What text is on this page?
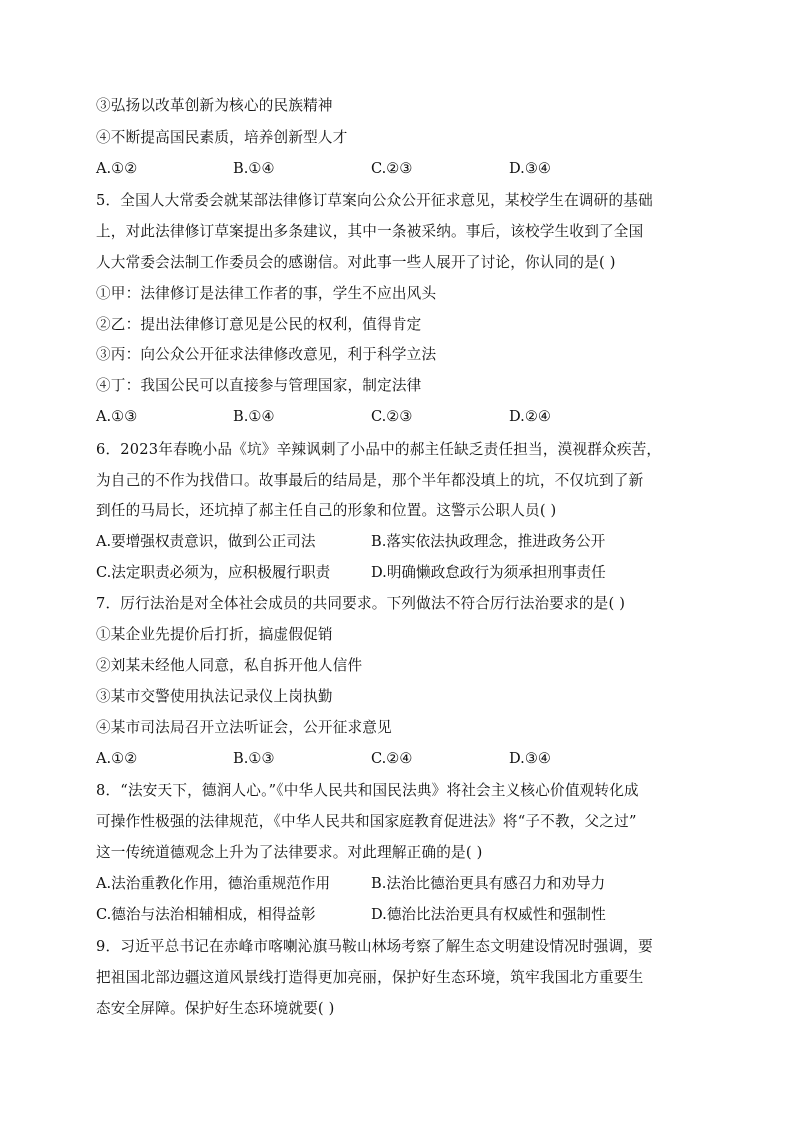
③弘扬以改革创新为核心的民族精神
④不断提高国民素质，培养创新型人才
A.①②	B.①④	C.②③	D.③④
5．全国人大常委会就某部法律修订草案向公众公开征求意见，某校学生在调研的基础
上，对此法律修订草案提出多条建议，其中一条被采纳。事后，该校学生收到了全国
人大常委会法制工作委员会的感谢信。对此事一些人展开了讨论，你认同的是( )
①甲：法律修订是法律工作者的事，学生不应出风头
②乙：提出法律修订意见是公民的权利，值得肯定
③丙：向公众公开征求法律修改意见，利于科学立法
④丁：我国公民可以直接参与管理国家，制定法律
A.①③	B.①④	C.②③	D.②④
6．2023年春晚小品《坑》辛辣讽刺了小品中的郝主任缺乏责任担当，漠视群众疾苦，
为自己的不作为找借口。故事最后的结局是，那个半年都没填上的坑，不仅坑到了新
到任的马局长，还坑掉了郝主任自己的形象和位置。这警示公职人员( )
A.要增强权责意识，做到公正司法	B.落实依法执政理念，推进政务公开
C.法定职责必须为，应积极履行职责	D.明确懒政怠政行为须承担刑事责任
7．厉行法治是对全体社会成员的共同要求。下列做法不符合厉行法治要求的是( )
①某企业先提价后打折，搞虚假促销
②刘某未经他人同意，私自拆开他人信件
③某市交警使用执法记录仪上岗执勤
④某市司法局召开立法听证会，公开征求意见
A.①②	B.①③	C.②④	D.③④
8．“法安天下，德润人心。”《中华人民共和国民法典》将社会主义核心价值观转化成
可操作性极强的法律规范，《中华人民共和国家庭教育促进法》将“子不教，父之过”
这一传统道德观念上升为了法律要求。对此理解正确的是( )
A.法治重教化作用，德治重规范作用	B.法治比德治更具有感召力和劝导力
C.德治与法治相辅相成，相得益彰	D.德治比法治更具有权威性和强制性
9．习近平总书记在赤峰市喀喇沁旗马鞍山林场考察了解生态文明建设情况时强调，要
把祖国北部边疆这道风景线打造得更加亮丽，保护好生态环境，筑牢我国北方重要生
态安全屏障。保护好生态环境就要( )
